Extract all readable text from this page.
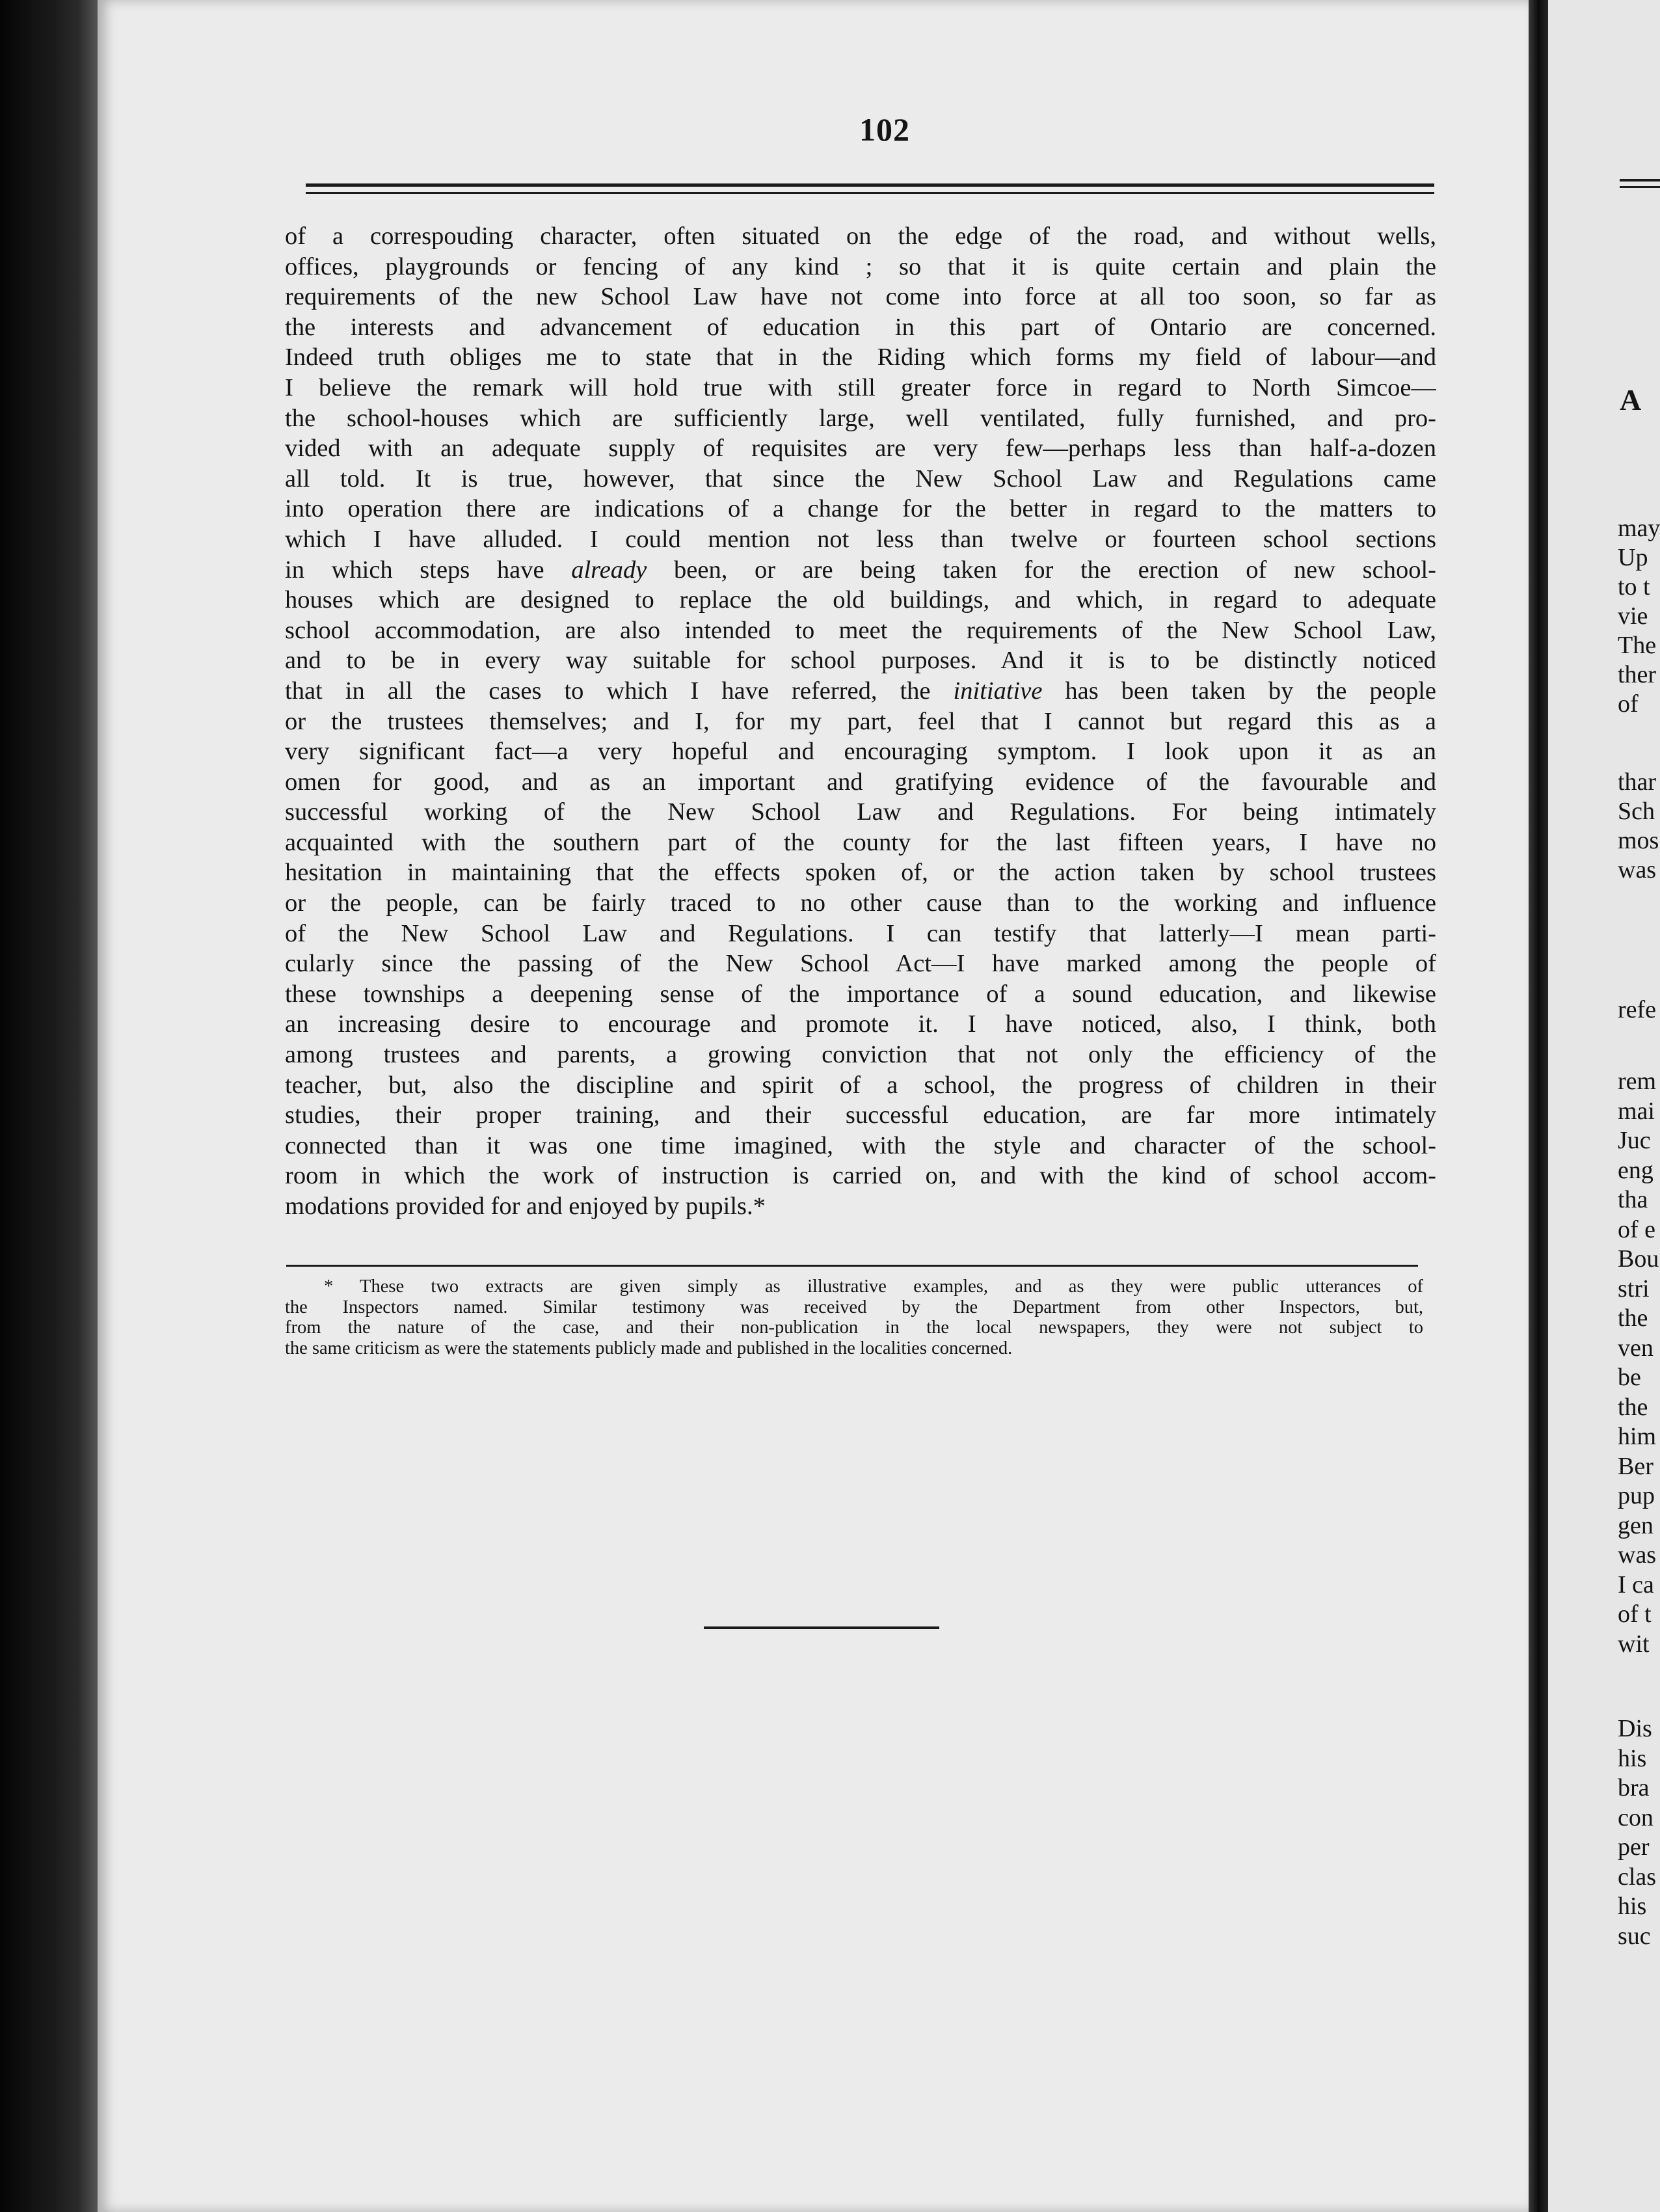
102
of a correspouding character, often situated on the edge of the road, and without wells,
offices, playgrounds or fencing of any kind ; so that it is quite certain and plain the
requirements of the new School Law have not come into force at all too soon, so far as
the interests and advancement of education in this part of Ontario are concerned.
Indeed truth obliges me to state that in the Riding which forms my field of labour—and
I believe the remark will hold true with still greater force in regard to North Simcoe—
the school-houses which are sufficiently large, well ventilated, fully furnished, and pro-
vided with an adequate supply of requisites are very few—perhaps less than half-a-dozen
all told. It is true, however, that since the New School Law and Regulations came
into operation there are indications of a change for the better in regard to the matters to
which I have alluded. I could mention not less than twelve or fourteen school sections
in which steps have already been, or are being taken for the erection of new school-
houses which are designed to replace the old buildings, and which, in regard to adequate
school accommodation, are also intended to meet the requirements of the New School Law,
and to be in every way suitable for school purposes. And it is to be distinctly noticed
that in all the cases to which I have referred, the initiative has been taken by the people
or the trustees themselves; and I, for my part, feel that I cannot but regard this as a
very significant fact—a very hopeful and encouraging symptom. I look upon it as an
omen for good, and as an important and gratifying evidence of the favourable and
successful working of the New School Law and Regulations. For being intimately
acquainted with the southern part of the county for the last fifteen years, I have no
hesitation in maintaining that the effects spoken of, or the action taken by school trustees
or the people, can be fairly traced to no other cause than to the working and influence
of the New School Law and Regulations. I can testify that latterly—I mean parti-
cularly since the passing of the New School Act—I have marked among the people of
these townships a deepening sense of the importance of a sound education, and likewise
an increasing desire to encourage and promote it. I have noticed, also, I think, both
among trustees and parents, a growing conviction that not only the efficiency of the
teacher, but, also the discipline and spirit of a school, the progress of children in their
studies, their proper training, and their successful education, are far more intimately
connected than it was one time imagined, with the style and character of the school-
room in which the work of instruction is carried on, and with the kind of school accom-
modations provided for and enjoyed by pupils.*
* These two extracts are given simply as illustrative examples, and as they were public utterances of
the Inspectors named. Similar testimony was received by the Department from other Inspectors, but,
from the nature of the case, and their non-publication in the local newspapers, they were not subject to
the same criticism as were the statements publicly made and published in the localities concerned.
A
may
Up
to t
vie
The
ther
of
thar
Sch
mos
was
refe
rem
mai
Juc
eng
tha
of e
Bou
stri
the
ven
be
the
him
Ber
pup
gen
was
I ca
of t
wit
Dis
his
bra
con
per
clas
his
suc
